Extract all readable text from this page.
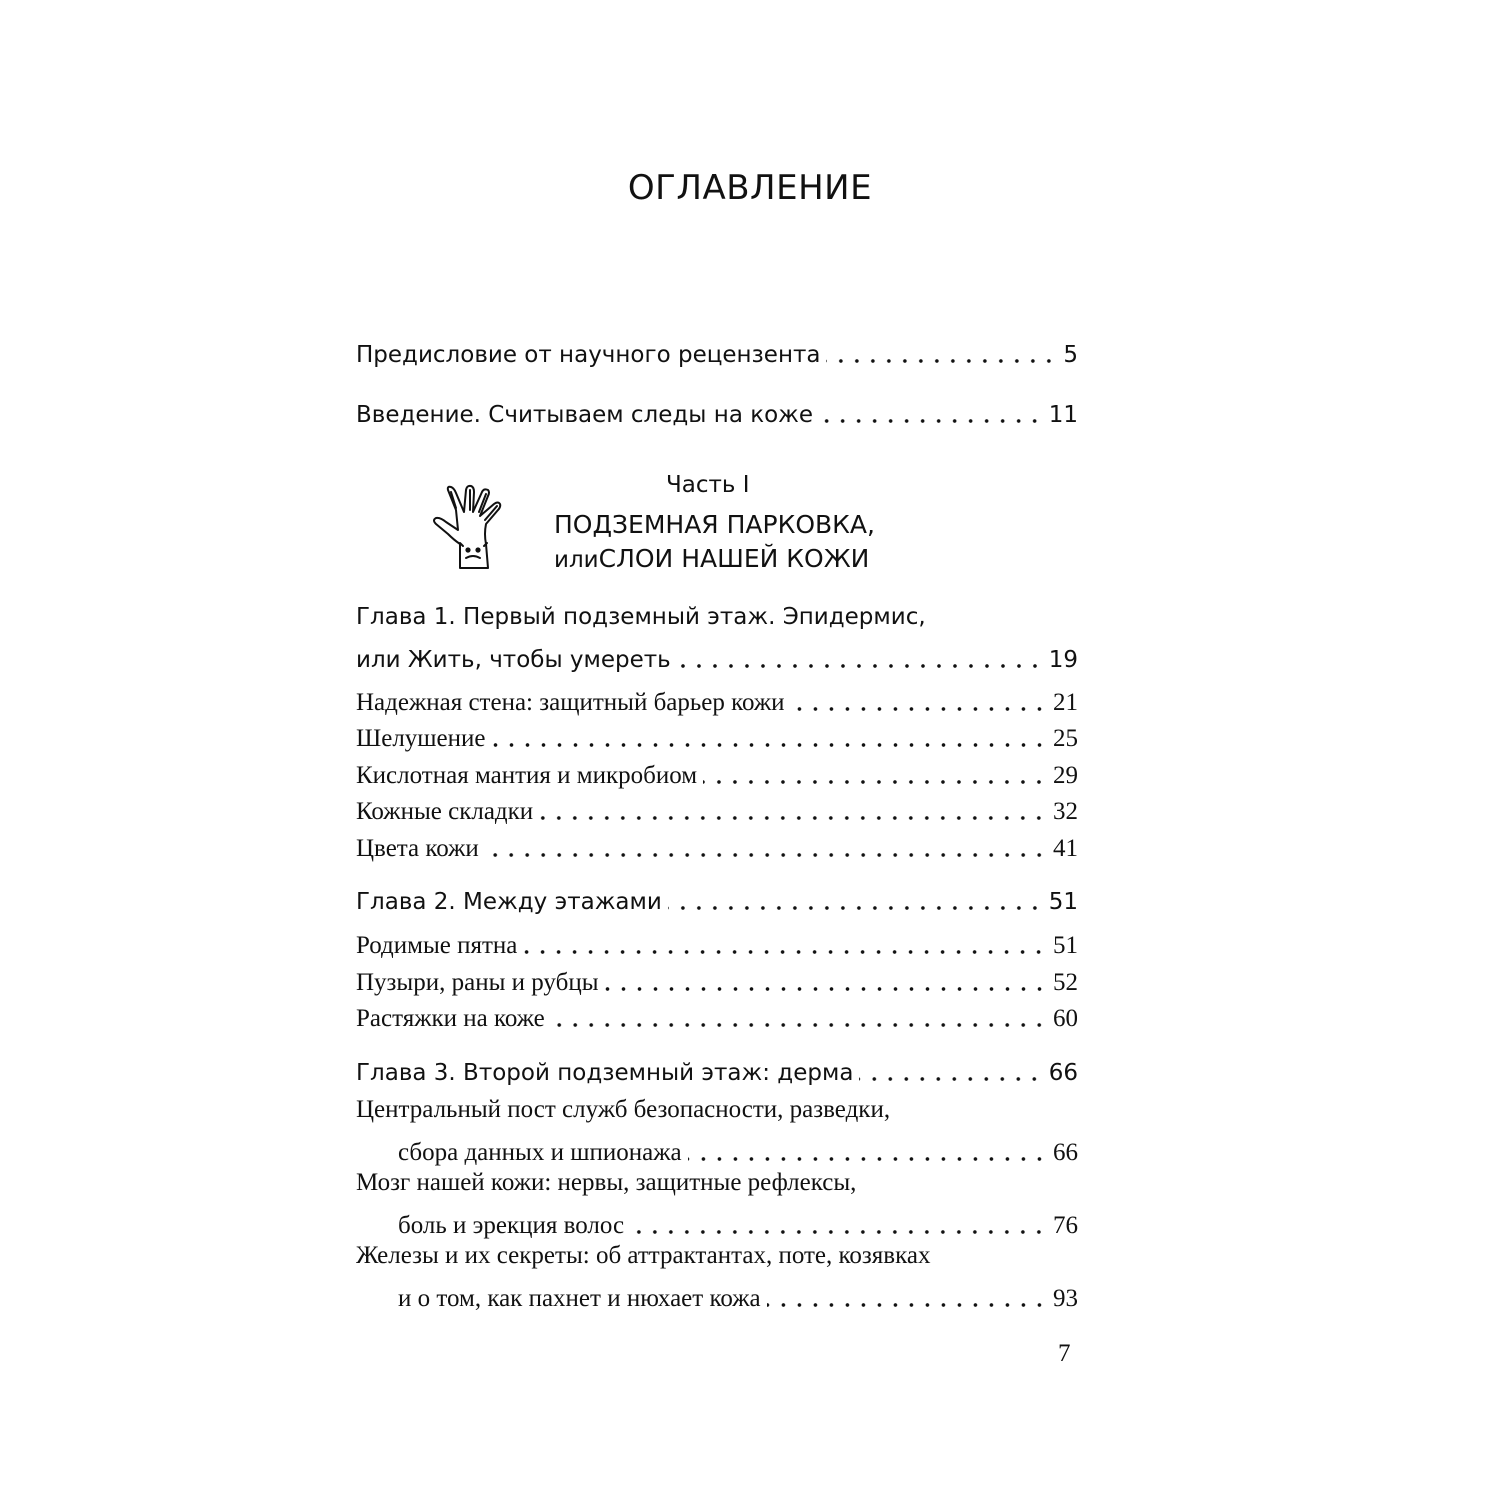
ОГЛАВЛЕНИЕ
Предисловие от научного рецензента	5
Введение. Считываем следы на коже	11
Часть I
ПОДЗЕМНАЯ ПАРКОВКА,
илиСЛОИ НАШЕЙ КОЖИ
Глава 1. Первый подземный этаж. Эпидермис,
или Жить, чтобы умереть	19
Надежная стена: защитный барьер кожи	21
Шелушение	25
Кислотная мантия и микробиом	29
Кожные складки	32
Цвета кожи	41
Глава 2. Между этажами	51
Родимые пятна	51
Пузыри, раны и рубцы	52
Растяжки на коже	60
Глава 3. Второй подземный этаж: дерма	66
Центральный пост служб безопасности, разведки,
сбора данных и шпионажа	66
Мозг нашей кожи: нервы, защитные рефлексы,
боль и эрекция волос	76
Железы и их секреты: об аттрактантах, поте, козявках
и о том, как пахнет и нюхает кожа	93
7
